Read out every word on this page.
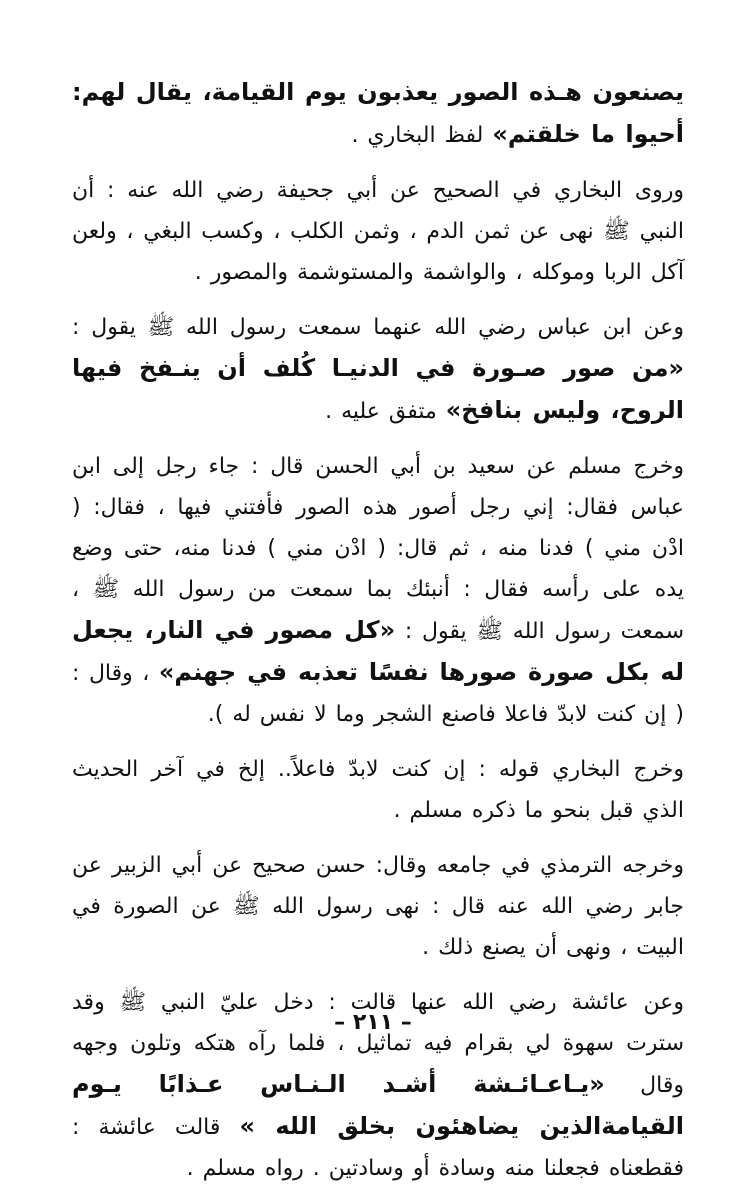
يصنعون هـذه الصور يعذبون يوم القيامة، يقال لهم: أحيوا ما خلقتم» لفظ البخاري .

وروى البخاري في الصحيح عن أبي جحيفة رضي الله عنه : أن النبي ﷺ نهى عن ثمن الدم ، وثمن الكلب ، وكسب البغي ، ولعن آكل الربا وموكله ، والواشمة والمستوشمة والمصور .

وعن ابن عباس رضي الله عنهما سمعت رسول الله ﷺ يقول : «من صور صـورة في الدنيـا كُلف أن ينـفخ فيها الروح، وليس بنافخ» متفق عليه .

وخرج مسلم عن سعيد بن أبي الحسن قال : جاء رجل إلى ابن عباس فقال: إني رجل أصور هذه الصور فأفتني فيها ، فقال: ( ادْن مني ) فدنا منه ، ثم قال: ( ادْن مني ) فدنا منه، حتى وضع يده على رأسه فقال : أنبئك بما سمعت من رسول الله ﷺ ، سمعت رسول الله ﷺ يقول : «كل مصور في النار، يجعل له بكل صورة صورها نفسًا تعذبه في جهنم» ، وقال : ( إن كنت لابدّ فاعلا فاصنع الشجر وما لا نفس له ).

وخرج البخاري قوله : إن كنت لابدّ فاعلاً.. إلخ في آخر الحديث الذي قبل بنحو ما ذكره مسلم .

وخرجه الترمذي في جامعه وقال: حسن صحيح عن أبي الزبير عن جابر رضي الله عنه قال : نهى رسول الله ﷺ عن الصورة في البيت ، ونهى أن يصنع ذلك .

وعن عائشة رضي الله عنها قالت : دخل عليّ النبي ﷺ وقد سترت سهوة لي بقرام فيه تماثيل ، فلما رآه هتكه وتلون وجهه وقال «يـاعـائـشة أشـد الـنـاس عـذابًا يـوم القيامةالذين يضاهئون بخلق الله » قالت عائشة : فقطعناه فجعلنا منه وسادة أو وسادتين . رواه مسلم .

– ٢١١ –
